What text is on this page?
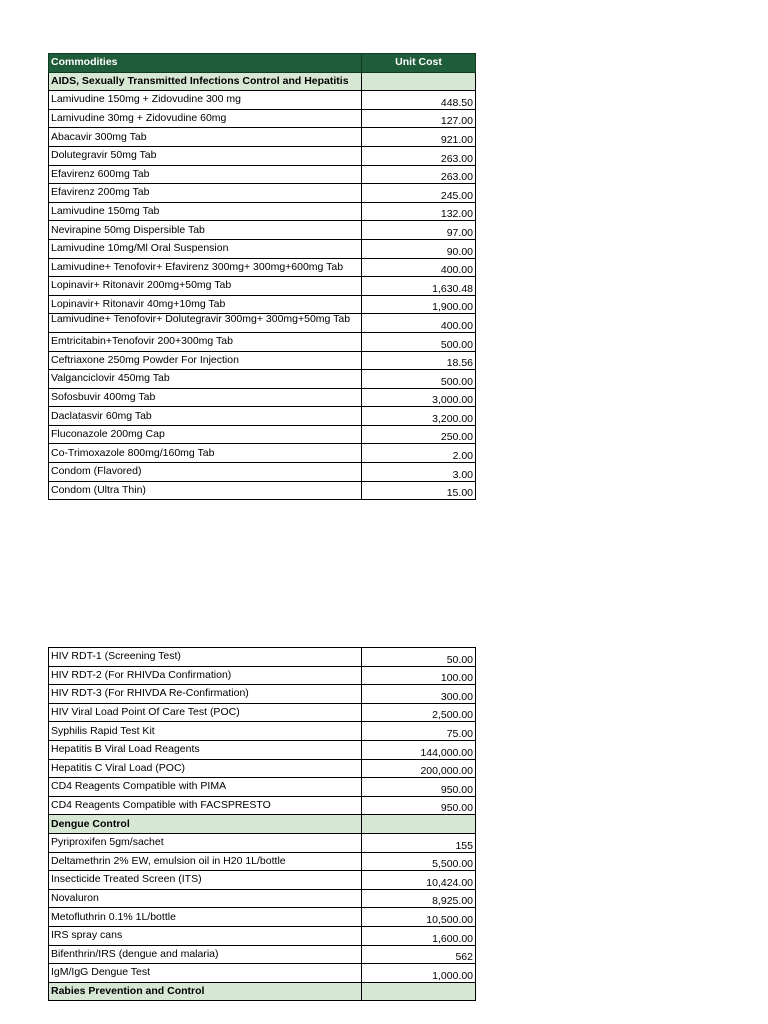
Commodities	Unit Cost
AIDS, Sexually Transmitted Infections Control and Hepatitis	
Lamivudine 150mg + Zidovudine 300 mg	448.50
Lamivudine 30mg + Zidovudine 60mg	127.00
Abacavir 300mg Tab	921.00
Dolutegravir 50mg Tab	263.00
Efavirenz 600mg Tab	263.00
Efavirenz 200mg Tab	245.00
Lamivudine 150mg Tab	132.00
Nevirapine 50mg Dispersible Tab	97.00
Lamivudine 10mg/Ml Oral Suspension	90.00
Lamivudine+ Tenofovir+ Efavirenz 300mg+ 300mg+600mg Tab	400.00
Lopinavir+ Ritonavir 200mg+50mg Tab	1,630.48
Lopinavir+ Ritonavir 40mg+10mg Tab	1,900.00
Lamivudine+ Tenofovir+ Dolutegravir 300mg+ 300mg+50mg Tab	400.00
Emtricitabin+Tenofovir 200+300mg Tab	500.00
Ceftriaxone 250mg Powder For Injection	18.56
Valganciclovir 450mg Tab	500.00
Sofosbuvir 400mg Tab	3,000.00
Daclatasvir 60mg Tab	3,200.00
Fluconazole 200mg Cap	250.00
Co-Trimoxazole 800mg/160mg Tab	2.00
Condom (Flavored)	3.00
Condom (Ultra Thin)	15.00
HIV RDT-1 (Screening Test)	50.00
HIV RDT-2 (For RHIVDa Confirmation)	100.00
HIV RDT-3 (For RHIVDA Re-Confirmation)	300.00
HIV Viral Load Point Of Care Test (POC)	2,500.00
Syphilis Rapid Test Kit	75.00
Hepatitis B Viral Load Reagents	144,000.00
Hepatitis C Viral Load (POC)	200,000.00
CD4 Reagents Compatible with PIMA	950.00
CD4 Reagents Compatible with FACSPRESTO	950.00
Dengue Control	
Pyriproxifen 5gm/sachet	155
Deltamethrin 2% EW, emulsion oil in H20 1L/bottle	5,500.00
Insecticide Treated Screen (ITS)	10,424.00
Novaluron	8,925.00
Metofluthrin 0.1% 1L/bottle	10,500.00
IRS spray cans	1,600.00
Bifenthrin/IRS (dengue and malaria)	562
IgM/IgG Dengue Test	1,000.00
Rabies Prevention and Control	
